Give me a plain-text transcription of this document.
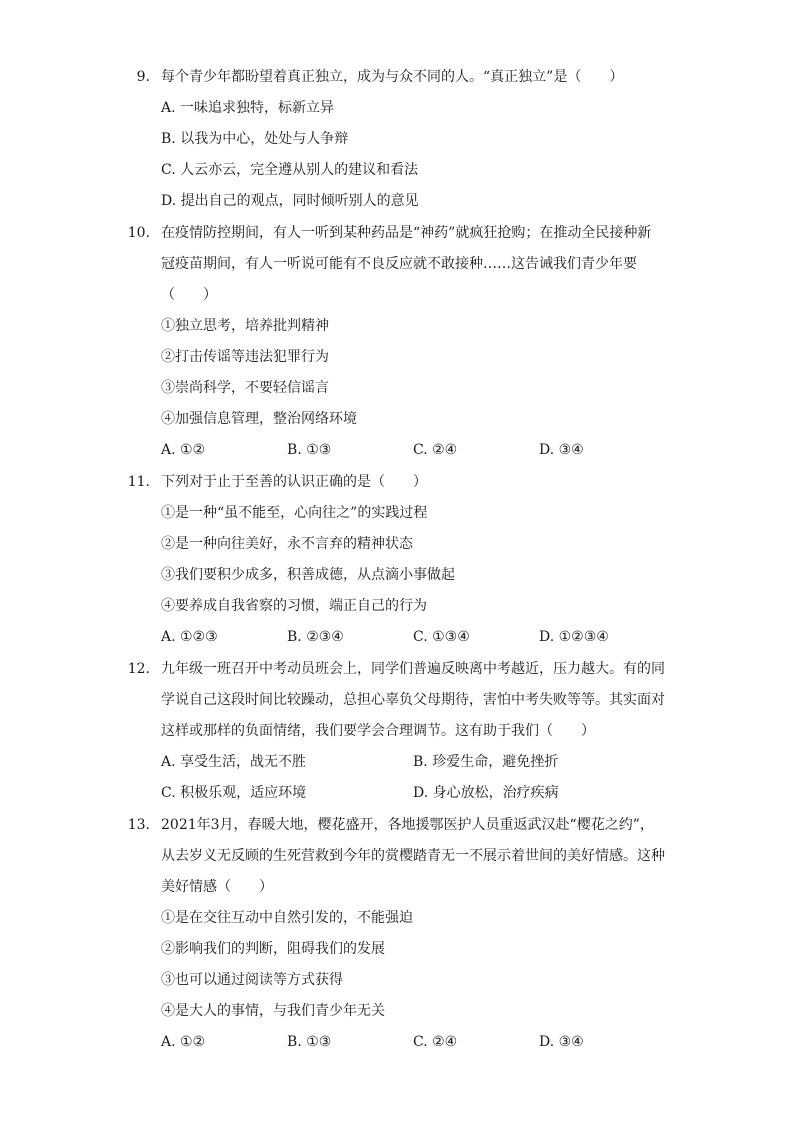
9. 每个青少年都盼望着真正独立，成为与众不同的人。“真正独立”是（　　）
A. 一味追求独特，标新立异
B. 以我为中心，处处与人争辩
C. 人云亦云，完全遵从别人的建议和看法
D. 提出自己的观点，同时倾听别人的意见
10. 在疫情防控期间，有人一听到某种药品是“神药”就疯狂抢购；在推动全民接种新
冠疫苗期间，有人一听说可能有不良反应就不敢接种……这告诫我们青少年要
（　　）
①独立思考，培养批判精神
②打击传谣等违法犯罪行为
③崇尚科学，不要轻信谣言
④加强信息管理，整治网络环境
A. ①②	B. ①③	C. ②④	D. ③④
11. 下列对于止于至善的认识正确的是（　　）
①是一种“虽不能至，心向往之”的实践过程
②是一种向往美好，永不言弃的精神状态
③我们要积少成多，积善成德，从点滴小事做起
④要养成自我省察的习惯，端正自己的行为
A. ①②③	B. ②③④	C. ①③④	D. ①②③④
12. 九年级一班召开中考动员班会上，同学们普遍反映离中考越近，压力越大。有的同
学说自己这段时间比较躁动，总担心辜负父母期待，害怕中考失败等等。其实面对
这样或那样的负面情绪，我们要学会合理调节。这有助于我们（　　）
A. 享受生活，战无不胜	B. 珍爱生命，避免挫折
C. 积极乐观，适应环境	D. 身心放松，治疗疾病
13. 2021年3月，春暖大地，樱花盛开，各地援鄂医护人员重返武汉赴“樱花之约”，
从去岁义无反顾的生死营救到今年的赏樱踏青无一不展示着世间的美好情感。这种
美好情感（　　）
①是在交往互动中自然引发的，不能强迫
②影响我们的判断，阻碍我们的发展
③也可以通过阅读等方式获得
④是大人的事情，与我们青少年无关
A. ①②	B. ①③	C. ②④	D. ③④
